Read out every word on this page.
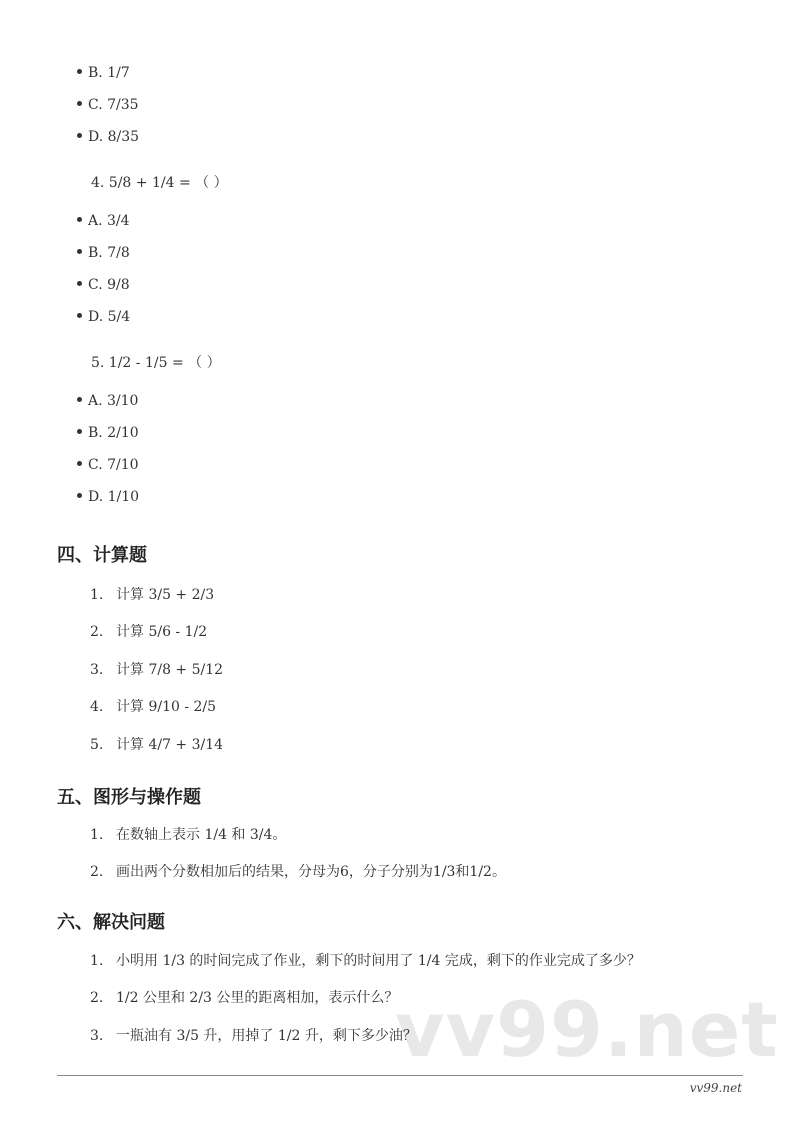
vv99.net
B. 1/7
C. 7/35
D. 8/35
4. 5/8 + 1/4 = （ ）
A. 3/4
B. 7/8
C. 9/8
D. 5/4
5. 1/2 - 1/5 = （ ）
A. 3/10
B. 2/10
C. 7/10
D. 1/10
四、计算题
1. 计算 3/5 + 2/3
2. 计算 5/6 - 1/2
3. 计算 7/8 + 5/12
4. 计算 9/10 - 2/5
5. 计算 4/7 + 3/14
五、图形与操作题
1. 在数轴上表示 1/4 和 3/4。
2. 画出两个分数相加后的结果，分母为6，分子分别为1/3和1/2。
六、解决问题
1. 小明用 1/3 的时间完成了作业，剩下的时间用了 1/4 完成，剩下的作业完成了多少？
2. 1/2 公里和 2/3 公里的距离相加，表示什么？
3. 一瓶油有 3/5 升，用掉了 1/2 升，剩下多少油？
vv99.net
